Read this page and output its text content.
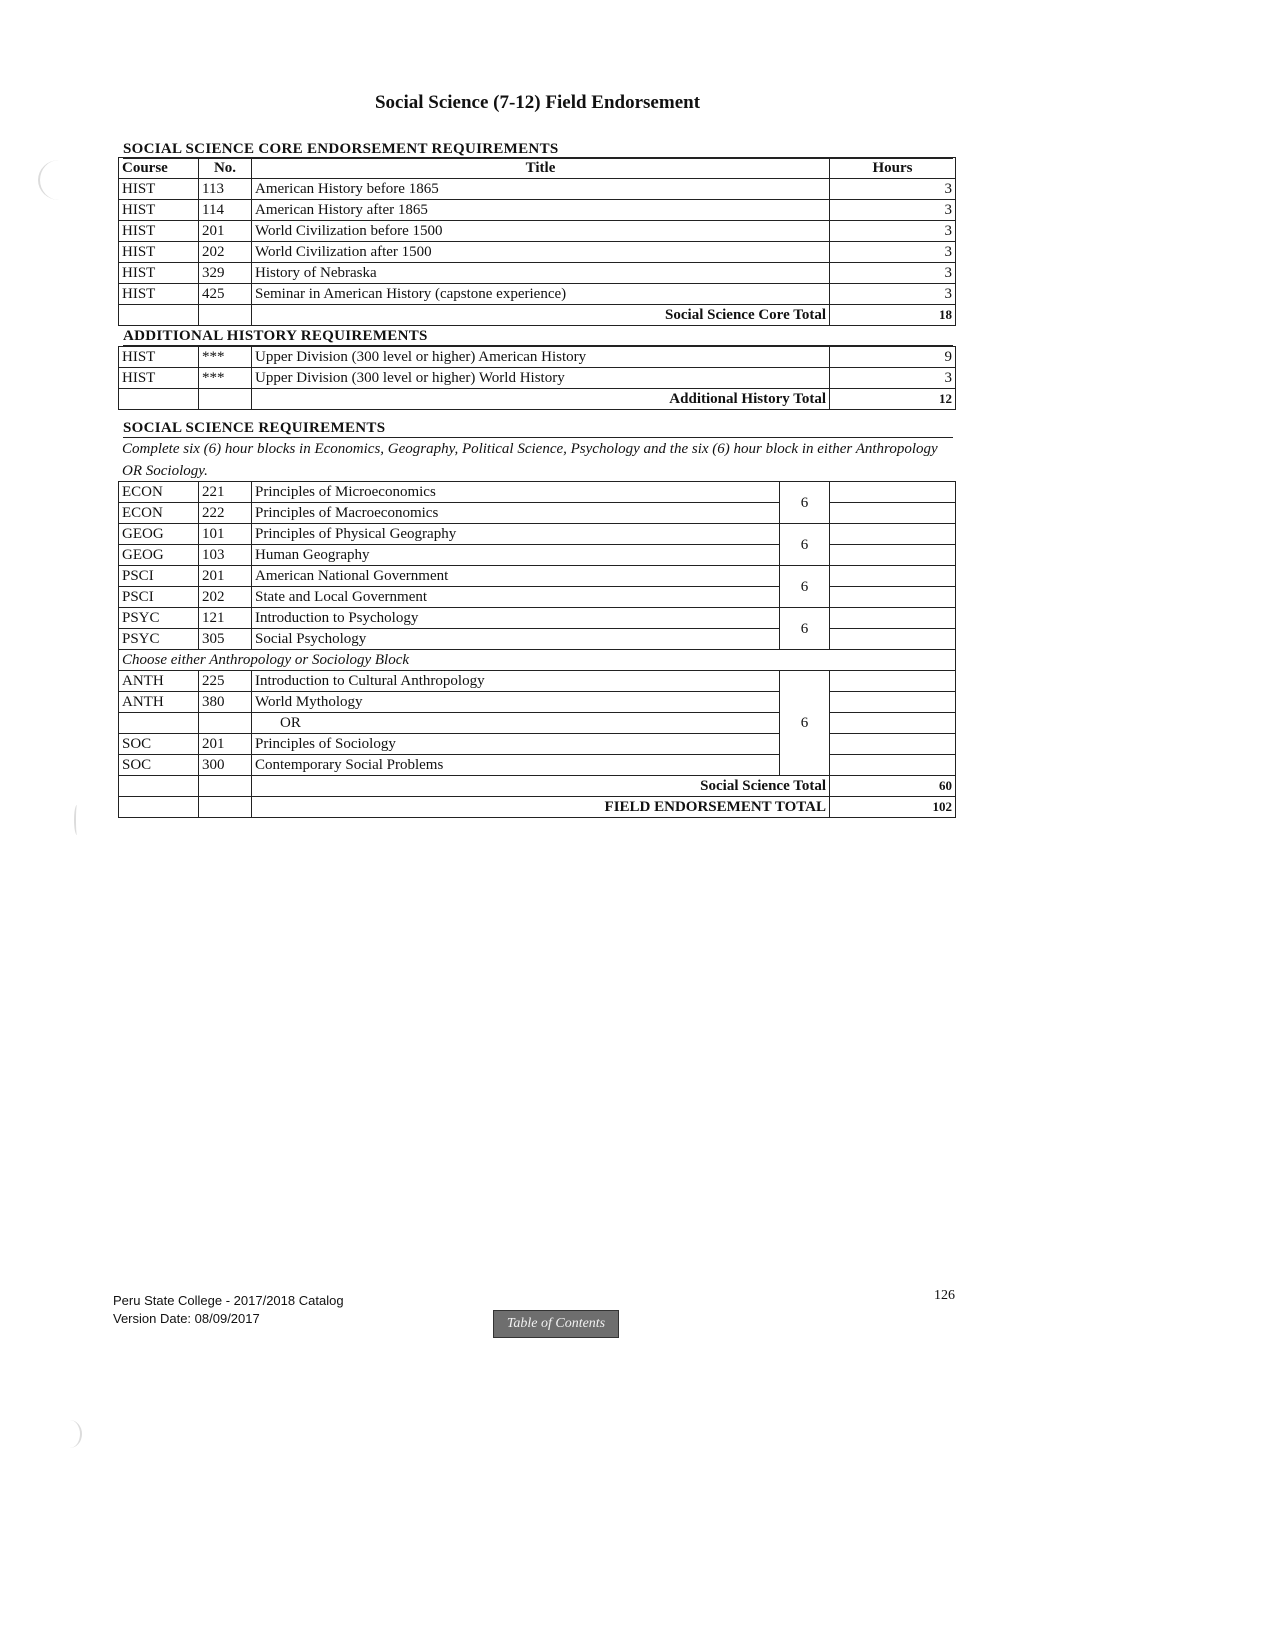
Social Science (7-12) Field Endorsement
SOCIAL SCIENCE CORE ENDORSEMENT REQUIREMENTS
Course	No.	Title	Hours
HIST	113	American History before 1865	3
HIST	114	American History after 1865	3
HIST	201	World Civilization before 1500	3
HIST	202	World Civilization after 1500	3
HIST	329	History of Nebraska	3
HIST	425	Seminar in American History (capstone experience)	3
		Social Science Core Total	18
ADDITIONAL HISTORY REQUIREMENTS
HIST	***	Upper Division (300 level or higher) American History	9
HIST	***	Upper Division (300 level or higher) World History	3
		Additional History Total	12
SOCIAL SCIENCE REQUIREMENTS
Complete six (6) hour blocks in Economics, Geography, Political Science, Psychology and the six (6) hour block in either Anthropology OR Sociology.
ECON	221	Principles of Microeconomics	6	
ECON	222	Principles of Macroeconomics		
GEOG	101	Principles of Physical Geography	6	
GEOG	103	Human Geography		
PSCI	201	American National Government	6	
PSCI	202	State and Local Government		
PSYC	121	Introduction to Psychology	6	
PSYC	305	Social Psychology		
Choose either Anthropology or Sociology Block				
ANTH	225	Introduction to Cultural Anthropology	6	
ANTH	380	World Mythology		
		OR		
SOC	201	Principles of Sociology		
SOC	300	Contemporary Social Problems		
		Social Science Total		60
		FIELD ENDORSEMENT TOTAL		102
Peru State College - 2017/2018 Catalog
Version Date: 08/09/2017
126
Table of Contents
